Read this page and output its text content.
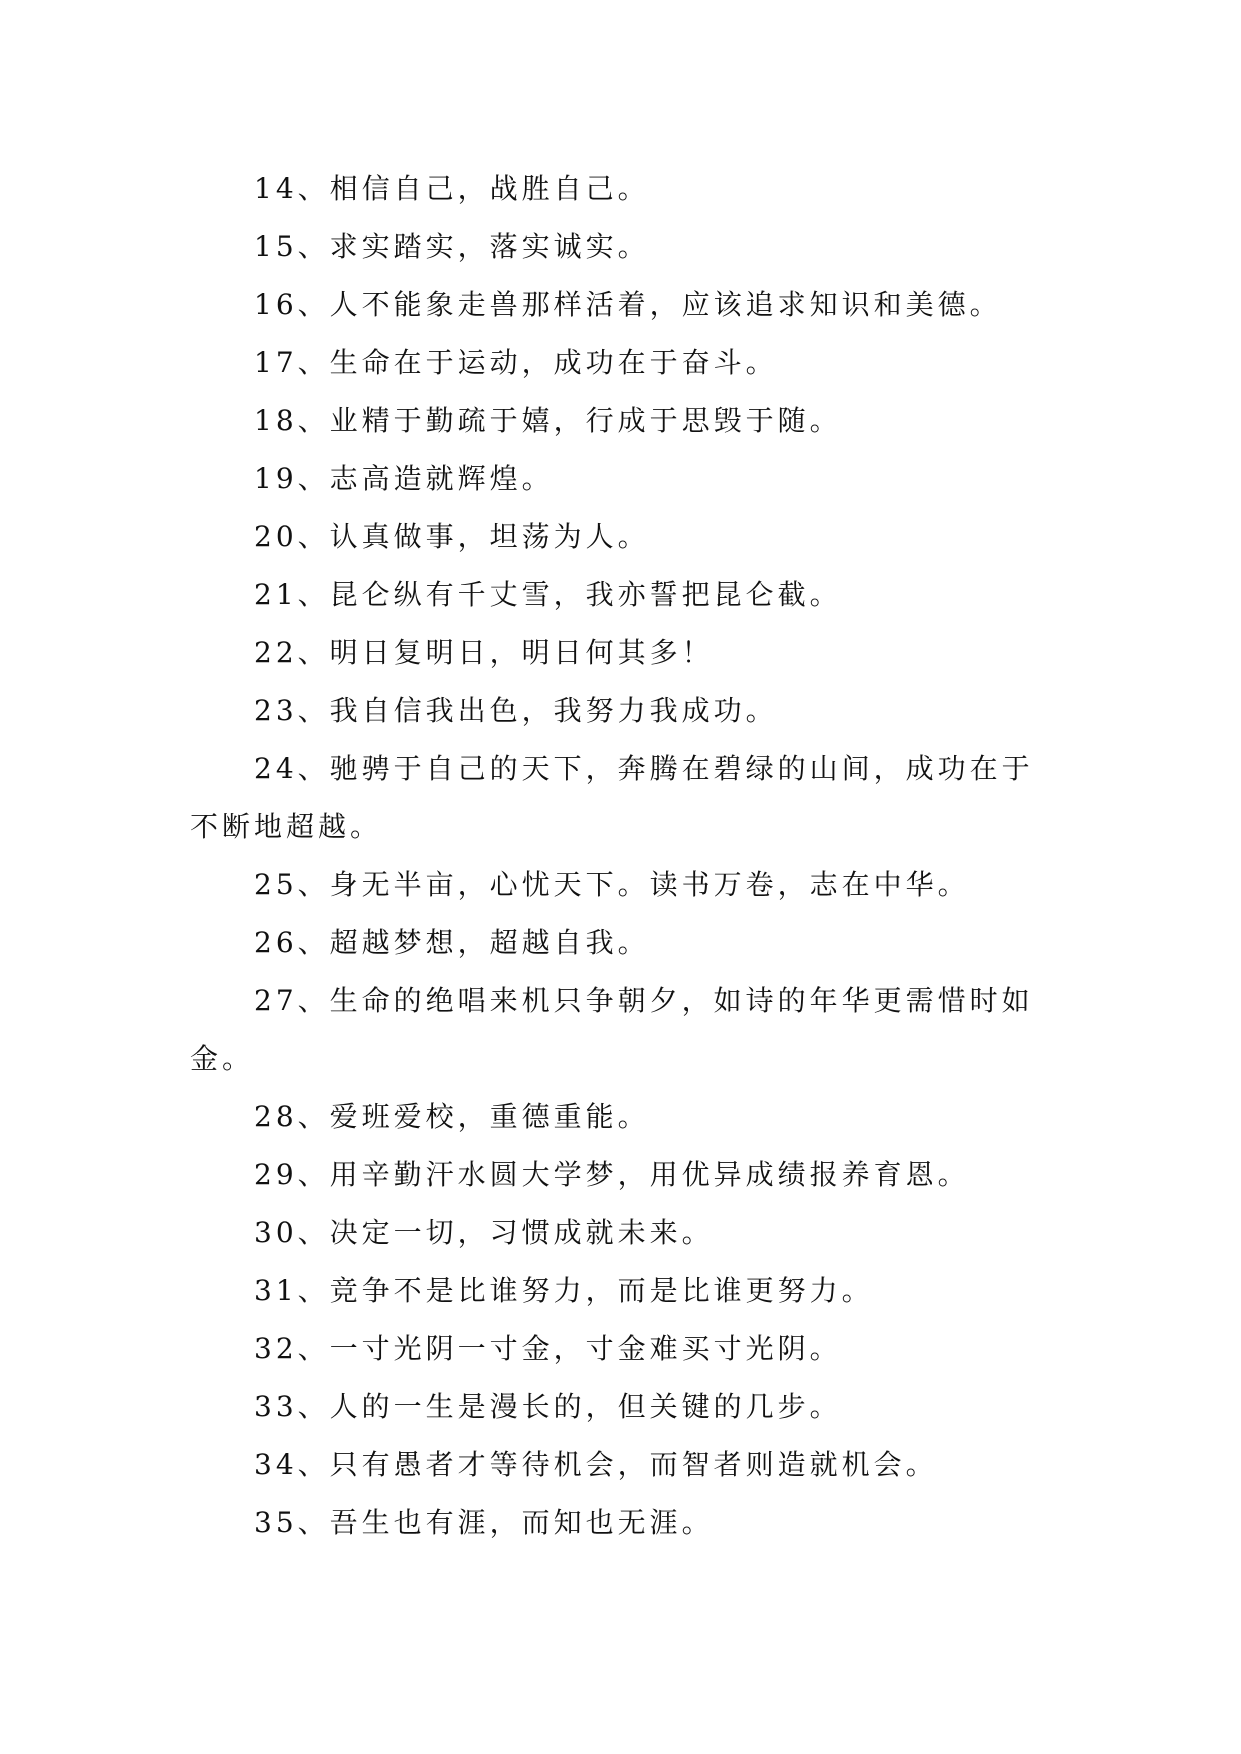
14、相信自己，战胜自己。

15、求实踏实，落实诚实。

16、人不能象走兽那样活着，应该追求知识和美德。

17、生命在于运动，成功在于奋斗。

18、业精于勤疏于嬉，行成于思毁于随。

19、志高造就辉煌。

20、认真做事，坦荡为人。

21、昆仑纵有千丈雪，我亦誓把昆仑截。

22、明日复明日，明日何其多！

23、我自信我出色，我努力我成功。

24、驰骋于自己的天下，奔腾在碧绿的山间，成功在于不断地超越。

25、身无半亩，心忧天下。读书万卷，志在中华。

26、超越梦想，超越自我。

27、生命的绝唱来机只争朝夕，如诗的年华更需惜时如金。

28、爱班爱校，重德重能。

29、用辛勤汗水圆大学梦，用优异成绩报养育恩。

30、决定一切，习惯成就未来。

31、竞争不是比谁努力，而是比谁更努力。

32、一寸光阴一寸金，寸金难买寸光阴。

33、人的一生是漫长的，但关键的几步。

34、只有愚者才等待机会，而智者则造就机会。

35、吾生也有涯，而知也无涯。
